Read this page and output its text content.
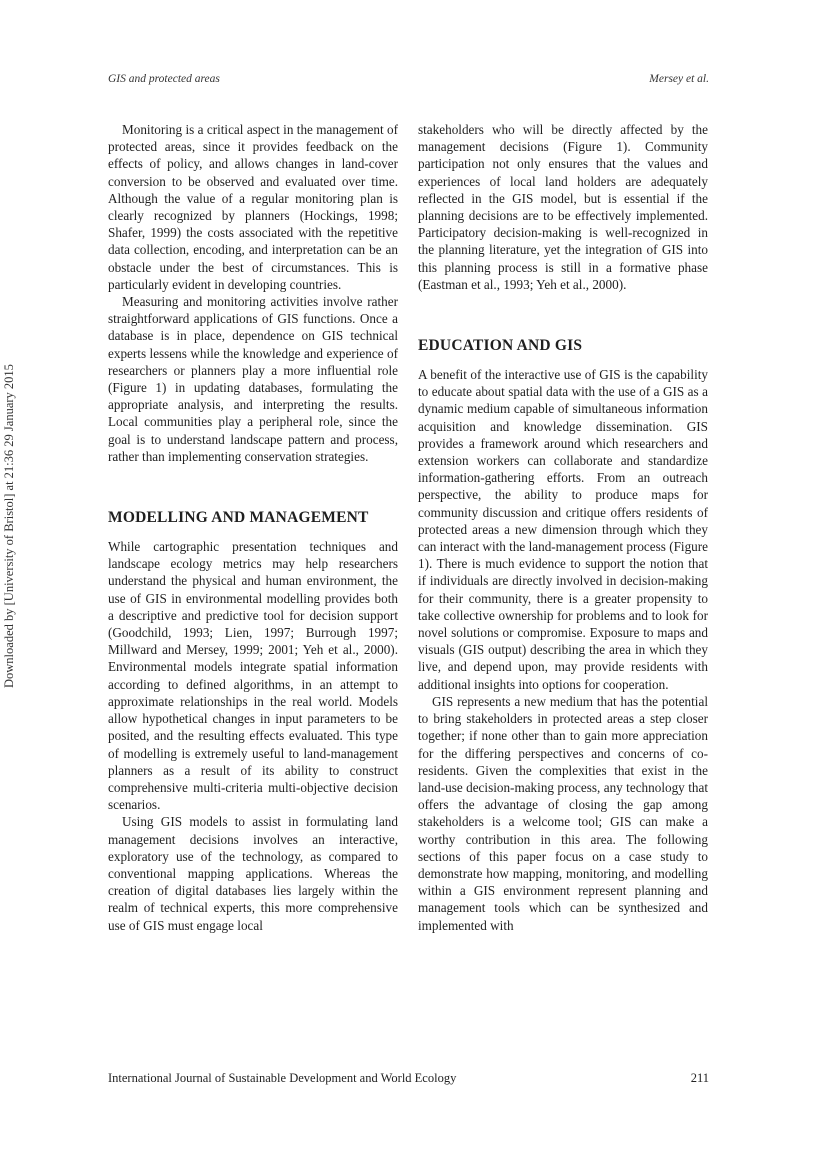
GIS and protected areas	Mersey et al.
Downloaded by [University of Bristol] at 21:36 29 January 2015

Monitoring is a critical aspect in the management of protected areas, since it provides feedback on the effects of policy, and allows changes in land-cover conversion to be observed and evaluated over time. Although the value of a regular monitoring plan is clearly recognized by planners (Hockings, 1998; Shafer, 1999) the costs associated with the repetitive data collection, encoding, and interpretation can be an obstacle under the best of circumstances. This is particularly evident in developing countries.

Measuring and monitoring activities involve rather straightforward applications of GIS functions. Once a database is in place, dependence on GIS technical experts lessens while the knowledge and experience of researchers or planners play a more influential role (Figure 1) in updating databases, formulating the appropriate analysis, and interpreting the results. Local communities play a peripheral role, since the goal is to understand landscape pattern and process, rather than implementing conservation strategies.

MODELLING AND MANAGEMENT

While cartographic presentation techniques and landscape ecology metrics may help researchers understand the physical and human environment, the use of GIS in environmental modelling provides both a descriptive and predictive tool for decision support (Goodchild, 1993; Lien, 1997; Burrough 1997; Millward and Mersey, 1999; 2001; Yeh et al., 2000). Environmental models integrate spatial information according to defined algorithms, in an attempt to approximate relationships in the real world. Models allow hypothetical changes in input parameters to be posited, and the resulting effects evaluated. This type of modelling is extremely useful to land-management planners as a result of its ability to construct comprehensive multi-criteria multi-objective decision scenarios.

Using GIS models to assist in formulating land management decisions involves an interactive, exploratory use of the technology, as compared to conventional mapping applications. Whereas the creation of digital databases lies largely within the realm of technical experts, this more comprehensive use of GIS must engage local

stakeholders who will be directly affected by the management decisions (Figure 1). Community participation not only ensures that the values and experiences of local land holders are adequately reflected in the GIS model, but is essential if the planning decisions are to be effectively implemented. Participatory decision-making is well-recognized in the planning literature, yet the integration of GIS into this planning process is still in a formative phase (Eastman et al., 1993; Yeh et al., 2000).

EDUCATION AND GIS

A benefit of the interactive use of GIS is the capability to educate about spatial data with the use of a GIS as a dynamic medium capable of simultaneous information acquisition and knowledge dissemination. GIS provides a framework around which researchers and extension workers can collaborate and standardize information-gathering efforts. From an outreach perspective, the ability to produce maps for community discussion and critique offers residents of protected areas a new dimension through which they can interact with the land-management process (Figure 1). There is much evidence to support the notion that if individuals are directly involved in decision-making for their community, there is a greater propensity to take collective ownership for problems and to look for novel solutions or compromise. Exposure to maps and visuals (GIS output) describing the area in which they live, and depend upon, may provide residents with additional insights into options for cooperation.

GIS represents a new medium that has the potential to bring stakeholders in protected areas a step closer together; if none other than to gain more appreciation for the differing perspectives and concerns of co-residents. Given the complexities that exist in the land-use decision-making process, any technology that offers the advantage of closing the gap among stakeholders is a welcome tool; GIS can make a worthy contribution in this area. The following sections of this paper focus on a case study to demonstrate how mapping, monitoring, and modelling within a GIS environment represent planning and management tools which can be synthesized and implemented with

International Journal of Sustainable Development and World Ecology	211
